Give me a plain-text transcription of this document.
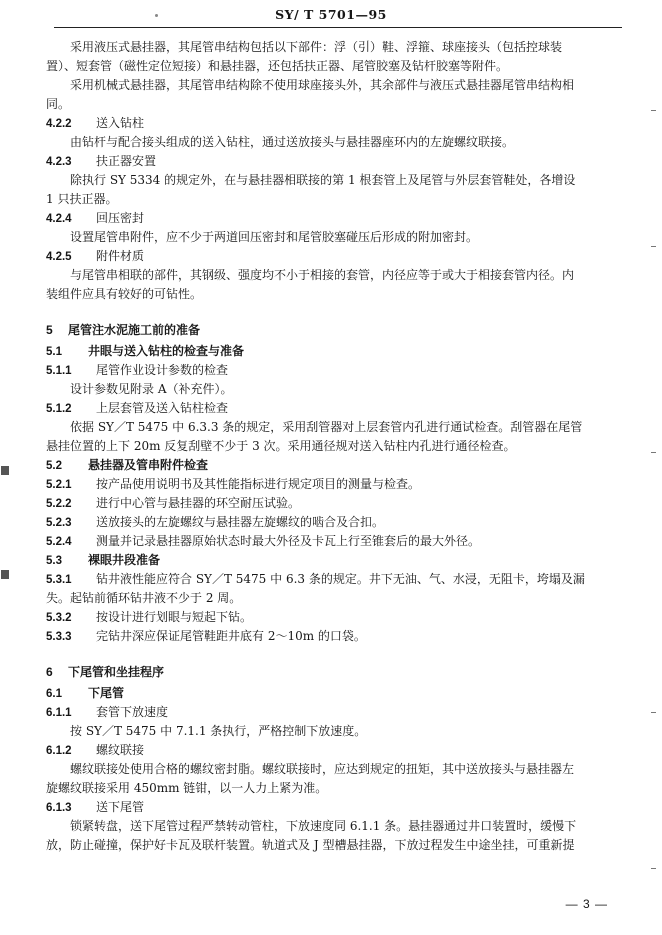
SY/ T 5701—95
采用液压式悬挂器，其尾管串结构包括以下部件：浮（引）鞋、浮箍、球座接头（包括控球装
置）、短套管（磁性定位短接）和悬挂器，还包括扶正器、尾管胶塞及钻杆胶塞等附件。
采用机械式悬挂器，其尾管串结构除不使用球座接头外，其余部件与液压式悬挂器尾管串结构相
同。
4.2.2 送入钻柱
由钻杆与配合接头组成的送入钻柱，通过送放接头与悬挂器座环内的左旋螺纹联接。
4.2.3 扶正器安置
除执行 SY 5334 的规定外，在与悬挂器相联接的第 1 根套管上及尾管与外层套管鞋处，各增设
1 只扶正器。
4.2.4 回压密封
设置尾管串附件，应不少于两道回压密封和尾管胶塞碰压后形成的附加密封。
4.2.5 附件材质
与尾管串相联的部件，其钢级、强度均不小于相接的套管，内径应等于或大于相接套管内径。内
装组件应具有较好的可钻性。
5 尾管注水泥施工前的准备
5.1 井眼与送入钻柱的检查与准备
5.1.1 尾管作业设计参数的检查
设计参数见附录 A（补充件）。
5.1.2 上层套管及送入钻柱检查
依据 SY／T 5475 中 6.3.3 条的规定，采用刮管器对上层套管内孔进行通试检查。刮管器在尾管
悬挂位置的上下 20m 反复刮壁不少于 3 次。采用通径规对送入钻柱内孔进行通径检查。
5.2 悬挂器及管串附件检查
5.2.1 按产品使用说明书及其性能指标进行规定项目的测量与检查。
5.2.2 进行中心管与悬挂器的环空耐压试验。
5.2.3 送放接头的左旋螺纹与悬挂器左旋螺纹的啮合及合扣。
5.2.4 测量并记录悬挂器原始状态时最大外径及卡瓦上行至锥套后的最大外径。
5.3 裸眼井段准备
5.3.1 钻井液性能应符合 SY／T 5475 中 6.3 条的规定。井下无油、气、水浸，无阻卡，垮塌及漏
失。起钻前循环钻井液不少于 2 周。
5.3.2 按设计进行划眼与短起下钻。
5.3.3 完钻井深应保证尾管鞋距井底有 2～10m 的口袋。
6 下尾管和坐挂程序
6.1 下尾管
6.1.1 套管下放速度
按 SY／T 5475 中 7.1.1 条执行，严格控制下放速度。
6.1.2 螺纹联接
螺纹联接处使用合格的螺纹密封脂。螺纹联接时，应达到规定的扭矩，其中送放接头与悬挂器左
旋螺纹联接采用 450mm 链钳，以一人力上紧为准。
6.1.3 送下尾管
锁紧转盘，送下尾管过程严禁转动管柱，下放速度同 6.1.1 条。悬挂器通过井口装置时，缓慢下
放，防止碰撞，保护好卡瓦及联杆装置。轨道式及 J 型槽悬挂器，下放过程发生中途坐挂，可重新提
— 3 —
